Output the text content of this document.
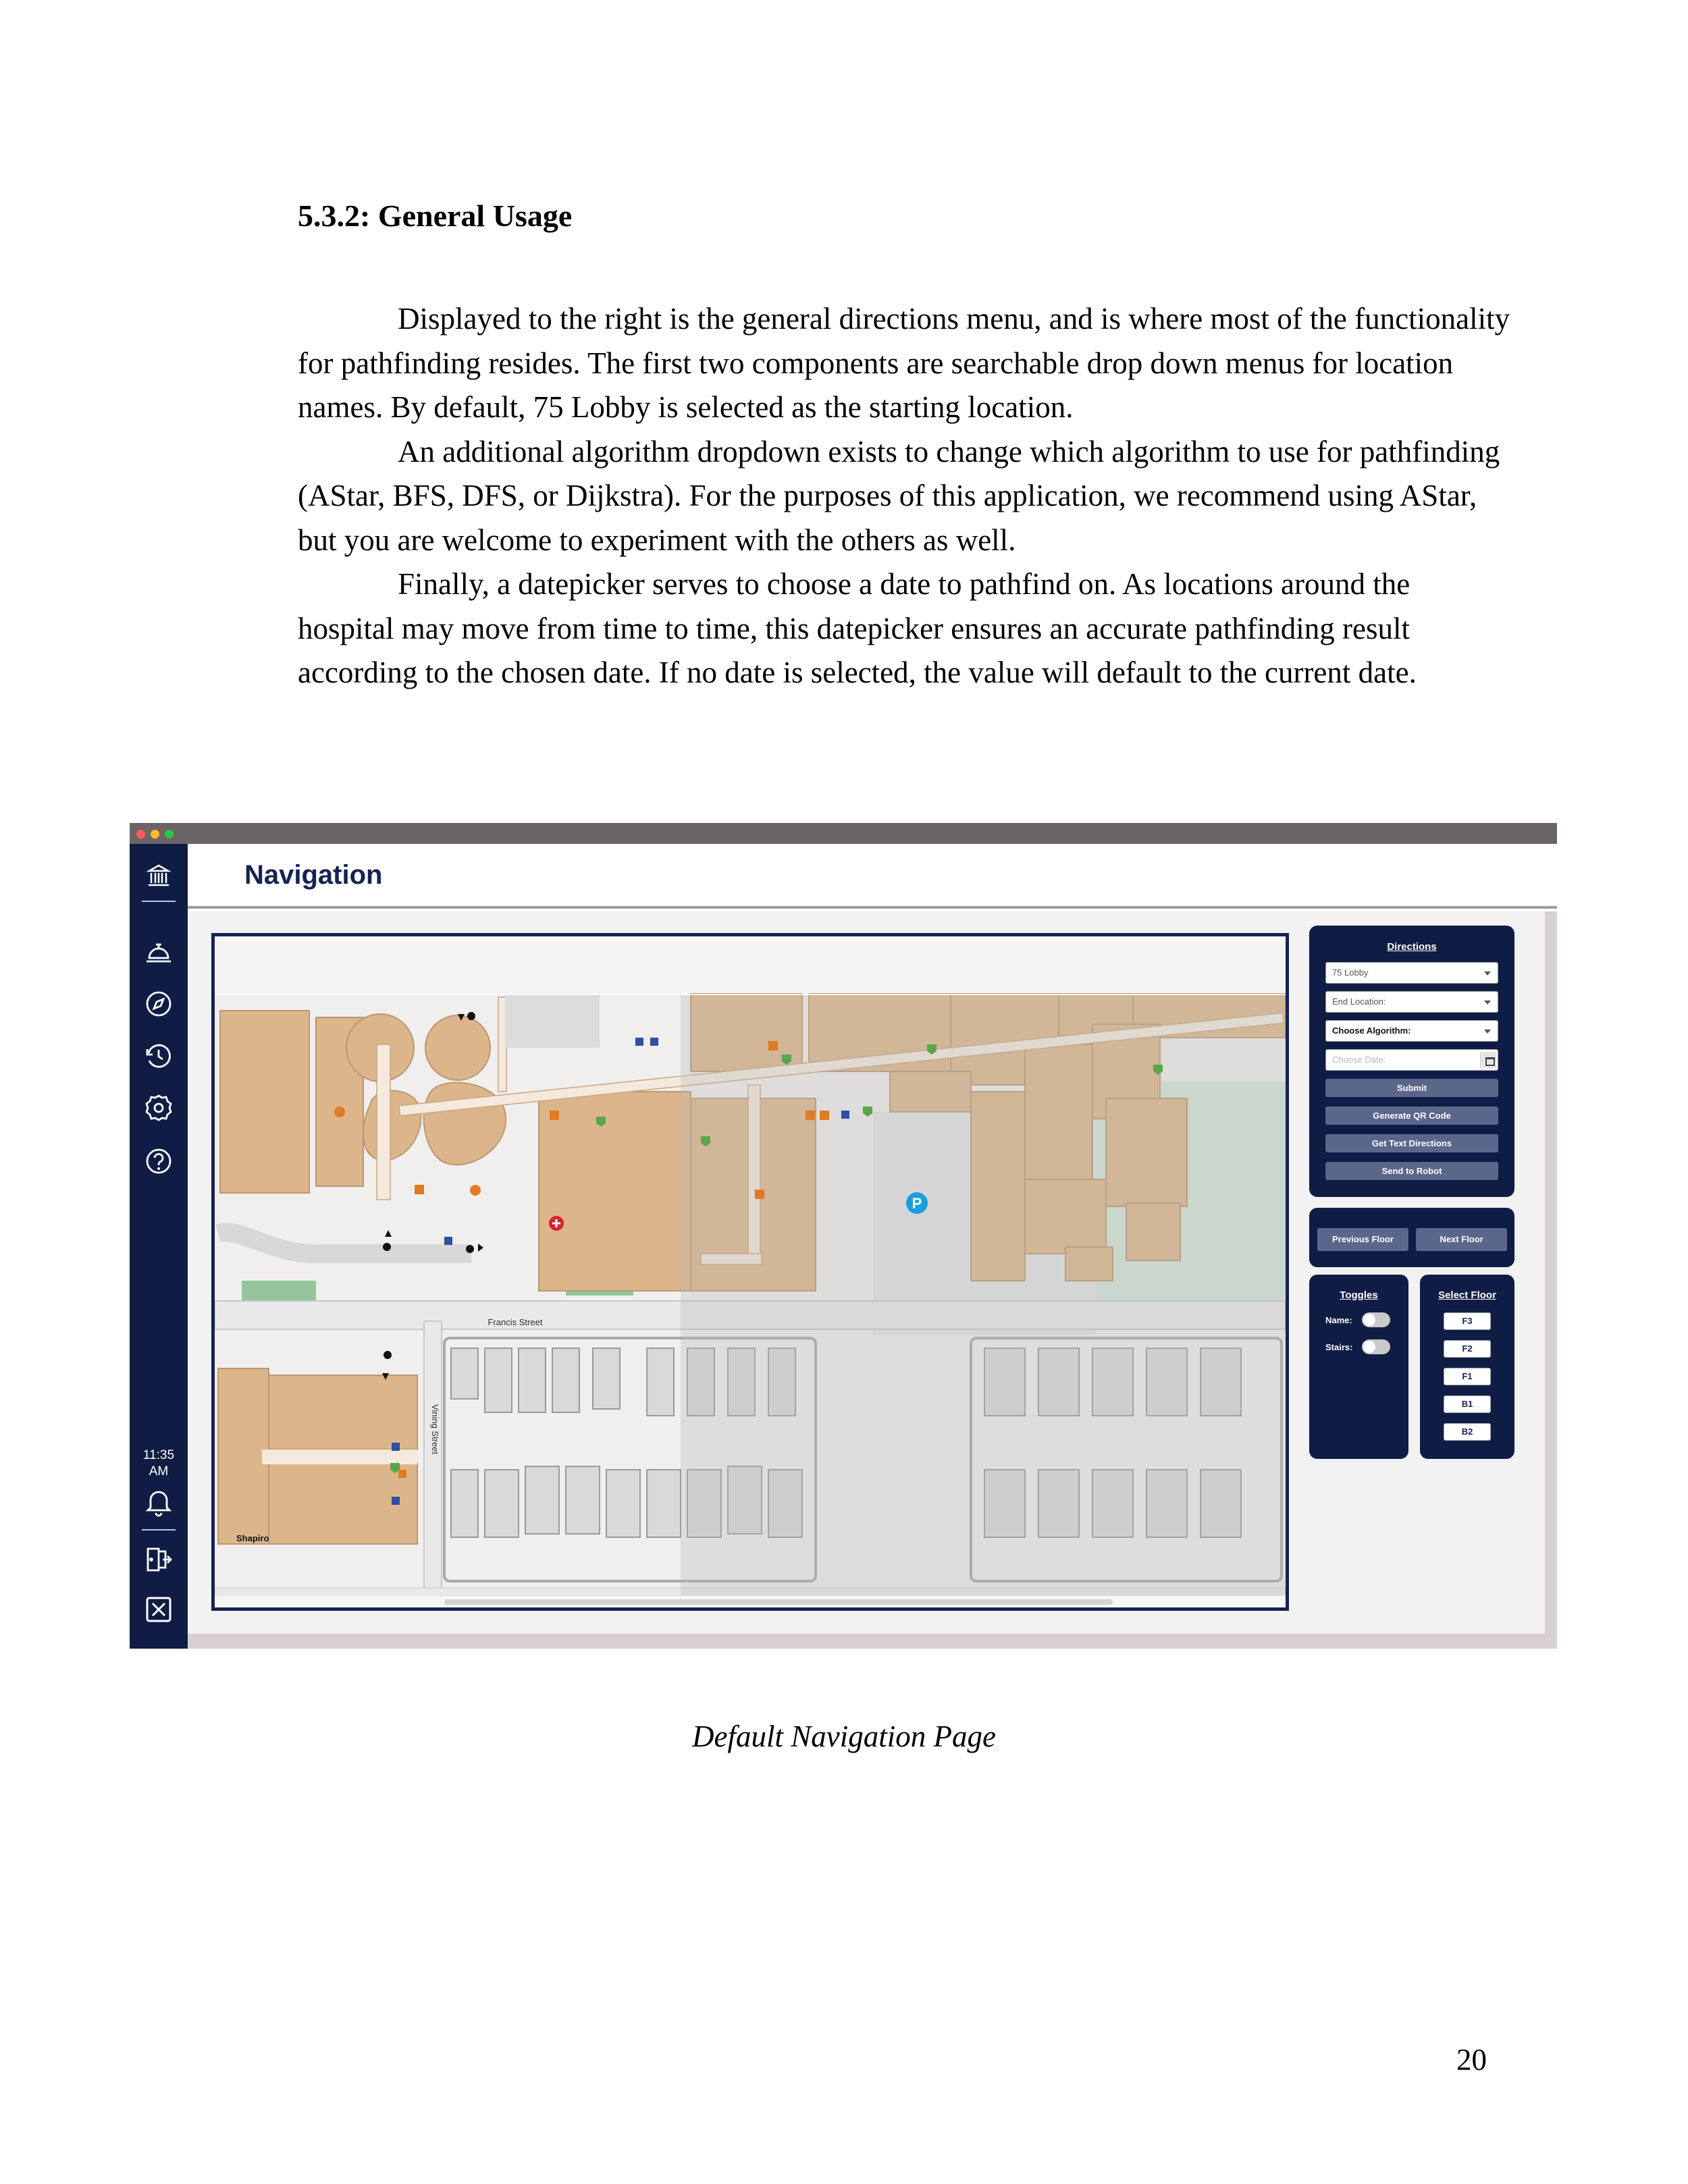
5.3.2: General Usage

Displayed to the right is the general directions menu, and is where most of the functionality for pathfinding resides. The first two components are searchable drop down menus for location names. By default, 75 Lobby is selected as the starting location.

An additional algorithm dropdown exists to change which algorithm to use for pathfinding (AStar, BFS, DFS, or Dijkstra). For the purposes of this application, we recommend using AStar, but you are welcome to experiment with the others as well.

Finally, a datepicker serves to choose a date to pathfind on. As locations around the hospital may move from time to time, this datepicker ensures an accurate pathfinding result according to the chosen date. If no date is selected, the value will default to the current date.

11:35
AM
Navigation
P
Francis Street
Vining Street
Shapiro
Directions
75 Lobby
End Location:
Choose Algorithm:
Choose Date:
Submit
Generate QR Code
Get Text Directions
Send to Robot
Previous Floor	Next Floor
Toggles
Name:
Stairs:
Select Floor
F3
F2
F1
B1
B2
Default Navigation Page
20
